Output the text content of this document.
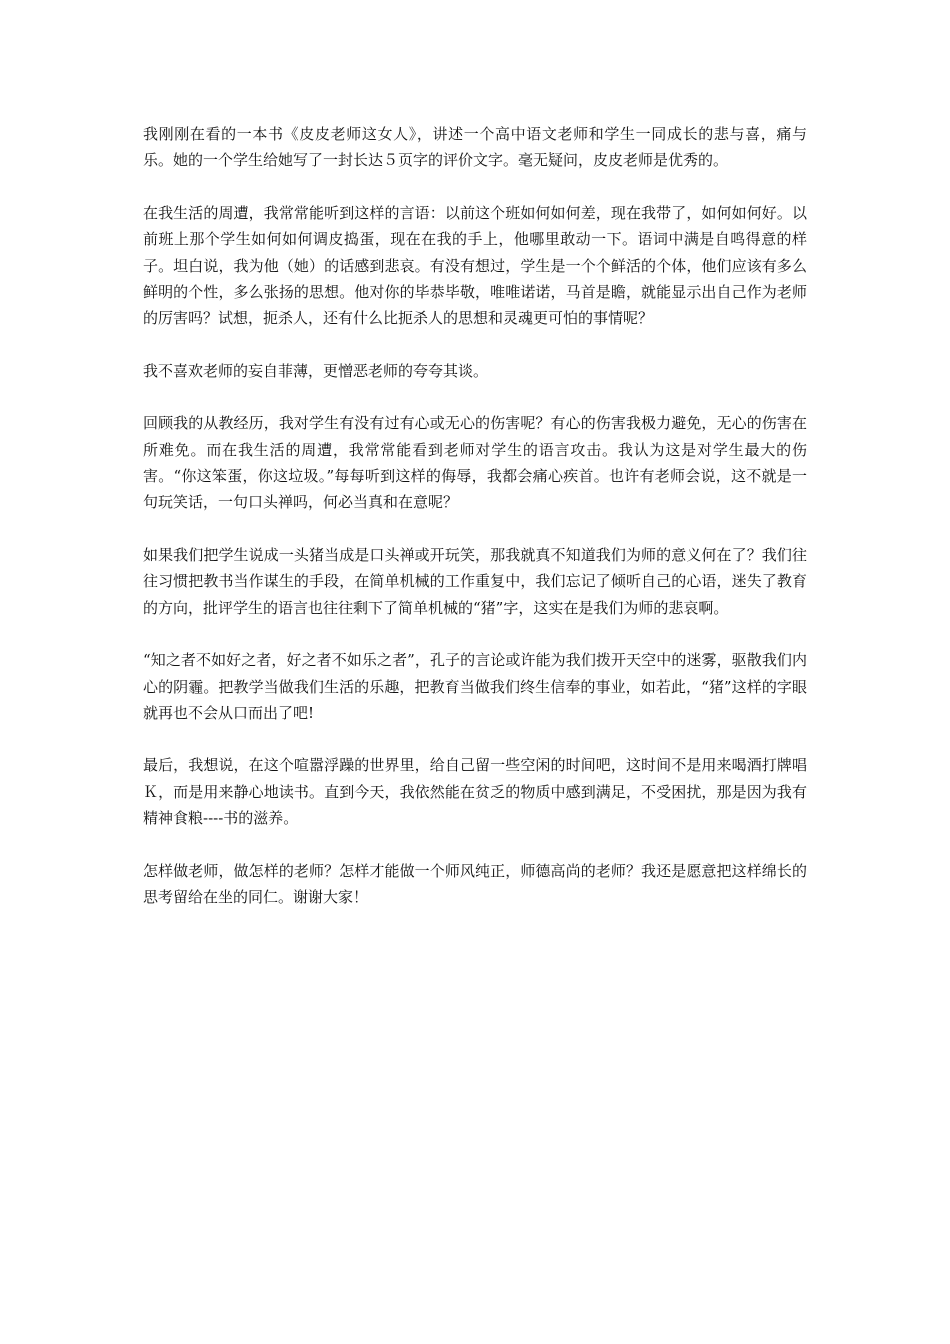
我刚刚在看的一本书《皮皮老师这女人》，讲述一个高中语文老师和学生一同成长的悲与喜，痛与乐。她的一个学生给她写了一封长达５页字的评价文字。毫无疑问，皮皮老师是优秀的。

在我生活的周遭，我常常能听到这样的言语：以前这个班如何如何差，现在我带了，如何如何好。以前班上那个学生如何如何调皮捣蛋，现在在我的手上，他哪里敢动一下。语词中满是自鸣得意的样子。坦白说，我为他（她）的话感到悲哀。有没有想过，学生是一个个鲜活的个体，他们应该有多么鲜明的个性，多么张扬的思想。他对你的毕恭毕敬，唯唯诺诺，马首是瞻，就能显示出自己作为老师的厉害吗？试想，扼杀人，还有什么比扼杀人的思想和灵魂更可怕的事情呢？

我不喜欢老师的妄自菲薄，更憎恶老师的夸夸其谈。

回顾我的从教经历，我对学生有没有过有心或无心的伤害呢？有心的伤害我极力避免，无心的伤害在所难免。而在我生活的周遭，我常常能看到老师对学生的语言攻击。我认为这是对学生最大的伤害。“你这笨蛋，你这垃圾。”每每听到这样的侮辱，我都会痛心疾首。也许有老师会说，这不就是一句玩笑话，一句口头禅吗，何必当真和在意呢？

如果我们把学生说成一头猪当成是口头禅或开玩笑，那我就真不知道我们为师的意义何在了？我们往往习惯把教书当作谋生的手段，在简单机械的工作重复中，我们忘记了倾听自己的心语，迷失了教育的方向，批评学生的语言也往往剩下了简单机械的“猪”字，这实在是我们为师的悲哀啊。

“知之者不如好之者，好之者不如乐之者”，孔子的言论或许能为我们拨开天空中的迷雾，驱散我们内心的阴霾。把教学当做我们生活的乐趣，把教育当做我们终生信奉的事业，如若此，“猪”这样的字眼就再也不会从口而出了吧!

最后，我想说，在这个喧嚣浮躁的世界里，给自己留一些空闲的时间吧，这时间不是用来喝酒打牌唱Ｋ，而是用来静心地读书。直到今天，我依然能在贫乏的物质中感到满足，不受困扰，那是因为我有精神食粮----书的滋养。

怎样做老师，做怎样的老师？怎样才能做一个师风纯正，师德高尚的老师？我还是愿意把这样绵长的思考留给在坐的同仁。谢谢大家！
